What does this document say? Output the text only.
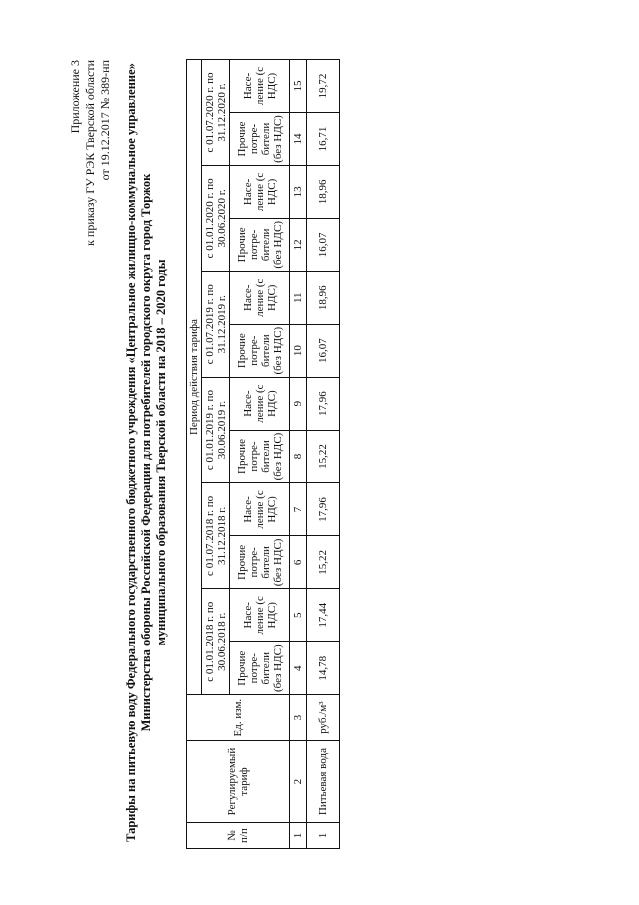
Приложение 3 к приказу ГУ РЭК Тверской области от 19.12.2017 № 389-нп Тарифы на питьевую воду Федерального государственного бюджетного учреждения «Центральное жилищно-коммунальное управление» Министерства обороны Российской Федерации для потребителей городского округа город Торжок муниципального образования Тверской области на 2018 – 2020 годы
№ п/п	Регулируемый тариф	Ед. изм.	Период действия тарифа											
			с 01.01.2018 г. по 30.06.2018 г.		с 01.07.2018 г. по 31.12.2018 г.		с 01.01.2019 г. по 30.06.2019 г.		с 01.07.2019 г. по 31.12.2019 г.		с 01.01.2020 г. по 30.06.2020 г.		с 01.07.2020 г. по 31.12.2020 г.	
			Прочие потре- бители (без НДС)	Насе- ление (с НДС)	Прочие потре- бители (без НДС)	Насе- ление (с НДС)	Прочие потре- бители (без НДС)	Насе- ление (с НДС)	Прочие потре- бители (без НДС)	Насе- ление (с НДС)	Прочие потре- бители (без НДС)	Насе- ление (с НДС)	Прочие потре- бители (без НДС)	Насе- ление (с НДС)
1	2	3	4	5	6	7	8	9	10	11	12	13	14	15
1	Питьевая вода	руб./м³	14,78	17,44	15,22	17,96	15,22	17,96	16,07	18,96	16,07	18,96	16,71	19,72
